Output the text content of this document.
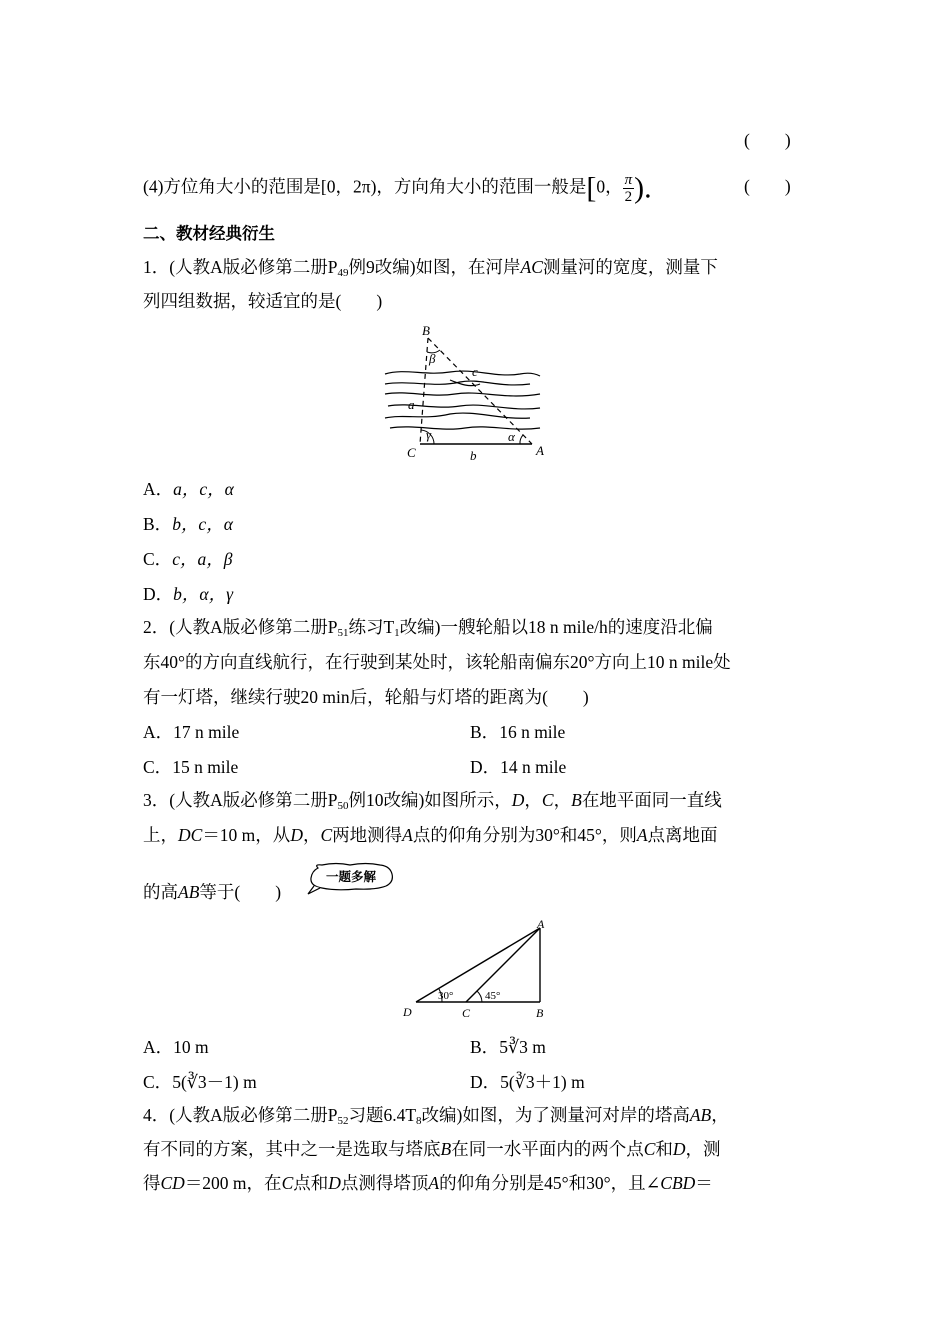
(　　)
(4)方位角大小的范围是[0，2π)，方向角大小的范围一般是[0， $\frac{\pi}{2}$ ).	(　　)
二、教材经典衍生
1．(人教A版必修第二册$P_{49}$例9改编)如图，在河岸AC测量河的宽度，测量下
列四组数据，较适宜的是(　　)
B
β
c
a
γ	α
C	b	A
A．a，c，α
B．b，c，α
C．c，a，β
D．b，α，γ
2．(人教A版必修第二册$P_{51}$练习$T_1$改编)一艘轮船以18 n mile/h的速度沿北偏
东40°的方向直线航行，在行驶到某处时，该轮船南偏东20°方向上10 n mile处
有一灯塔，继续行驶20 min后，轮船与灯塔的距离为(　　)
A．17 n mile	B．16 n mile
C．15 n mile	D．14 n mile
3．(人教A版必修第二册$P_{50}$例10改编)如图所示，D，C，B在地平面同一直线
上，DC＝10 m，从D，C两地测得A点的仰角分别为30°和45°，则A点离地面
的高AB等于(　　)
一题多解
A
D	C	B
30°	45°
A．10 m	B．5∛3 m
C．5(∛3－1) m	D．5(∛3＋1) m
4．(人教A版必修第二册$P_{52}$习题$6.4T_8$改编)如图，为了测量河对岸的塔高AB，
有不同的方案，其中之一是选取与塔底B在同一水平面内的两个点C和D，测
得CD＝200 m，在C点和D点测得塔顶A的仰角分别是45°和30°，且∠CBD＝
